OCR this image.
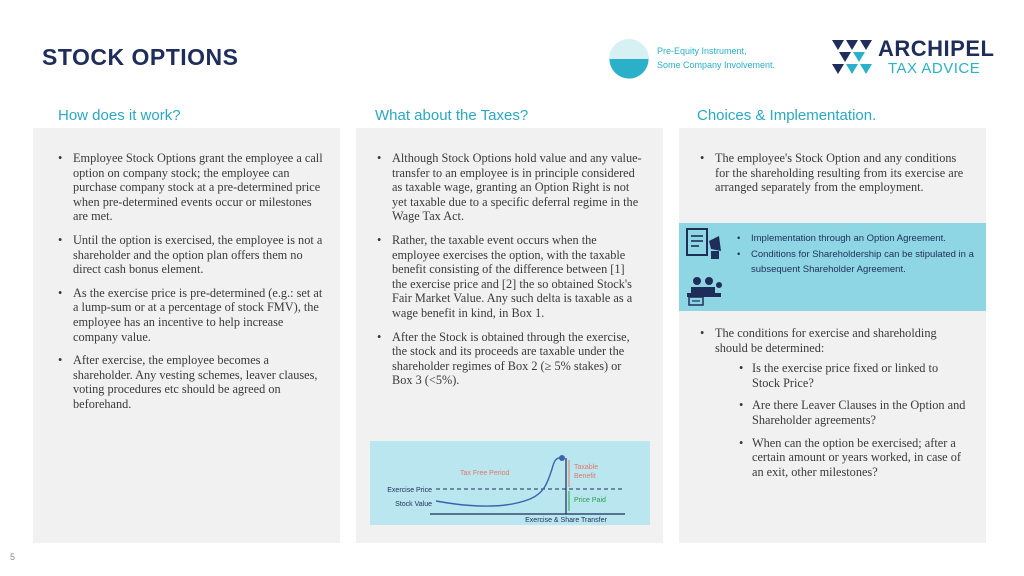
STOCK OPTIONS	Pre-Equity Instrument,
Some Company Involvement.
ARCHIPEL
TAX ADVICE
How does it work?
• Employee Stock Options grant the employee a call option on company stock; the employee can purchase company stock at a pre-determined price when pre-determined events occur or milestones are met.
• Until the option is exercised, the employee is not a shareholder and the option plan offers them no direct cash bonus element.
• As the exercise price is pre-determined (e.g.: set at a lump-sum or at a percentage of stock FMV), the employee has an incentive to help increase company value.
• After exercise, the employee becomes a shareholder. Any vesting schemes, leaver clauses, voting procedures etc should be agreed on beforehand.
What about the Taxes?
• Although Stock Options hold value and any value-transfer to an employee is in principle considered as taxable wage, granting an Option Right is not yet taxable due to a specific deferral regime in the Wage Tax Act.
• Rather, the taxable event occurs when the employee exercises the option, with the taxable benefit consisting of the difference between [1] the exercise price and [2] the so obtained Stock's Fair Market Value. Any such delta is taxable as a wage benefit in kind, in Box 1.
• After the Stock is obtained through the exercise, the stock and its proceeds are taxable under the shareholder regimes of Box 2 (≥ 5% stakes) or Box 3 (<5%).
Exercise Price
Stock Value
Tax Free Period
Taxable
Benefit
Price Paid
Exercise & Share Transfer
Choices & Implementation.
• The employee's Stock Option and any conditions for the shareholding resulting from its exercise are arranged separately from the employment.
• The conditions for exercise and shareholding should be determined:
• Is the exercise price fixed or linked to Stock Price?
• Are there Leaver Clauses in the Option and Shareholder agreements?
• When can the option be exercised; after a certain amount or years worked, in case of an exit, other milestones?
• Implementation through an Option Agreement.
• Conditions for Shareholdership can be stipulated in a subsequent Shareholder Agreement.
5
